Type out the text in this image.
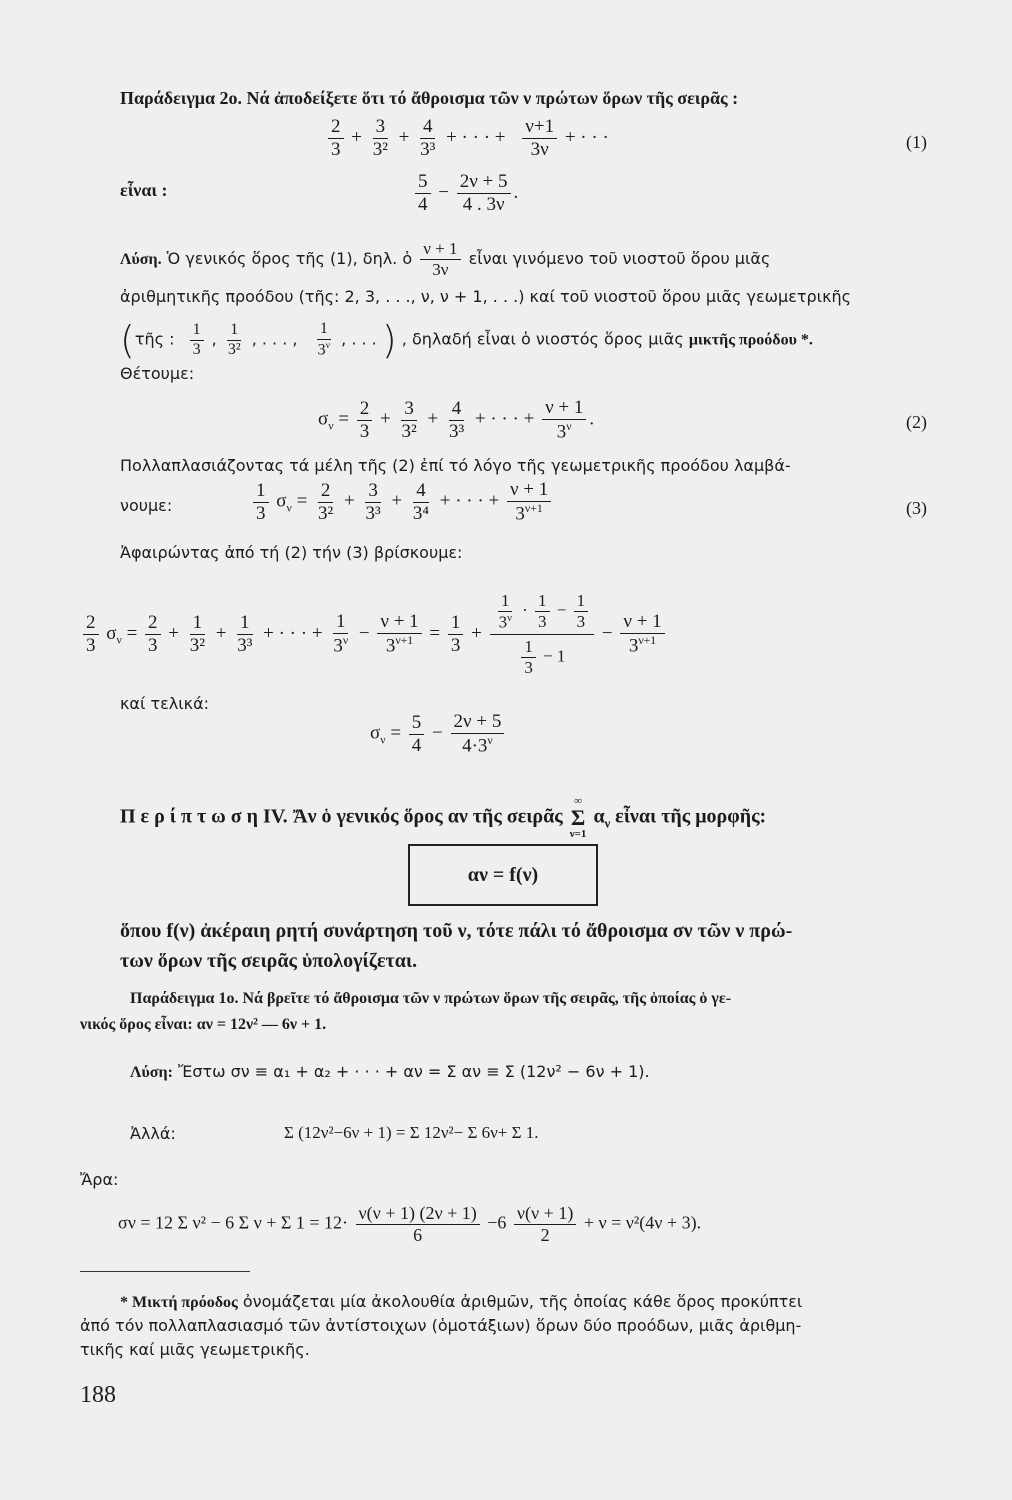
Παράδειγμα 2ο. Νά ἀποδείξετε ὅτι τό ἄθροισμα τῶν ν πρώτων ὅρων τῆς σειρᾶς :
$\frac{2}{3} + \frac{3}{\text{3²}} + \frac{4}{\text{3³}}$ + · · · + $\frac{\nu+1}{3\nu}$ + · · ·	(1)
εἶναι :	$\frac{5}{4} - \frac{2\nu + 5}{4 . 3\nu}$ .
Λύση. Ὁ γενικός ὅρος τῆς (1), δηλ. ὁ $\frac{\nu + 1}{3\nu}$ εἶναι γινόμενο τοῦ νιοστοῦ ὅρου μιᾶς
ἀριθμητικῆς προόδου (τῆς: 2, 3, . . ., ν, ν + 1, . . .) καί τοῦ νιοστοῦ ὅρου μιᾶς γεωμετρικῆς
(τῆς : $\frac{1}{3}$ , $\frac{1}{\text{3²}}$ , . . . , $\frac{1}{3^\nu}$ , . . . ) , δηλαδή εἶναι ὁ νιοστός ὅρος μιᾶς μικτῆς προόδου *.
Θέτουμε:
$\sigma_\nu = \frac{2}{3} + \frac{3}{\text{3²}} + \frac{4}{\text{3³}}$ + · · · + $\frac{\nu + 1}{3^\nu}$ .	(2)
Πολλαπλασιάζοντας τά μέλη τῆς (2) ἐπί τό λόγο τῆς γεωμετρικῆς προόδου λαμβά-
νουμε:	$\frac{1}{3} \sigma_\nu = \frac{2}{\text{3²}} + \frac{3}{\text{3³}} + \frac{4}{\text{3⁴}}$ + · · · + $\frac{\nu + 1}{3^{\nu+1}}$	(3)
Ἀφαιρώντας ἀπό τή (2) τήν (3) βρίσκουμε:
$\frac{2}{3} \sigma_\nu = \frac{2}{3} + \frac{1}{\text{3²}} + \frac{1}{\text{3³}}$ + · · · + $\frac{1}{3^\nu} - \frac{\nu + 1}{3^{\nu+1}} = \frac{1}{3} + \frac{\frac{1}{3^\nu} \cdot \frac{1}{3} - \frac{1}{3}}{\frac{1}{3} - 1} - \frac{\nu + 1}{3^{\nu+1}}$
καί τελικά:
$\sigma_\nu = \frac{5}{4} - \frac{2\nu + 5}{4\cdot 3^\nu}$
Π ε ρ ί π τ ω σ η IV. Ἄν ὁ γενικός ὅρος αν τῆς σειρᾶς
∞
Σ
ν=1
$\alpha_\nu$ εἶναι τῆς μορφῆς:
αν = f(ν)
ὅπου f(ν) ἀκέραιη ρητή συνάρτηση τοῦ ν, τότε πάλι τό ἄθροισμα σν τῶν ν πρώ-
των ὅρων τῆς σειρᾶς ὑπολογίζεται.
Παράδειγμα 1ο. Νά βρεῖτε τό ἄθροισμα τῶν ν πρώτων ὅρων τῆς σειρᾶς, τῆς ὁποίας ὁ γε-
νικός ὅρος εἶναι: αν = 12ν² — 6ν + 1.
Λύση: Ἔστω σν ≡ α₁ + α₂ + · · · + αν = Σ αν ≡ Σ (12ν² − 6ν + 1).
Ἀλλά:	Σ (12ν²−6ν + 1) = Σ 12ν²− Σ 6ν+ Σ 1.
Ἄρα:
σν = 12 Σ ν² − 6 Σ ν + Σ $1 = 12\cdot \frac{\nu(\nu + 1) (2\nu + 1)}{6} -6 \frac{\nu(\nu + 1)}{2} + \nu = \nu^2(4\nu + 3)$.
* Μικτή πρόοδος ὀνομάζεται μία ἀκολουθία ἀριθμῶν, τῆς ὁποίας κάθε ὅρος προκύπτει
ἀπό τόν πολλαπλασιασμό τῶν ἀντίστοιχων (ὁμοτάξιων) ὅρων δύο προόδων, μιᾶς ἀριθμη-
τικῆς καί μιᾶς γεωμετρικῆς.
188
